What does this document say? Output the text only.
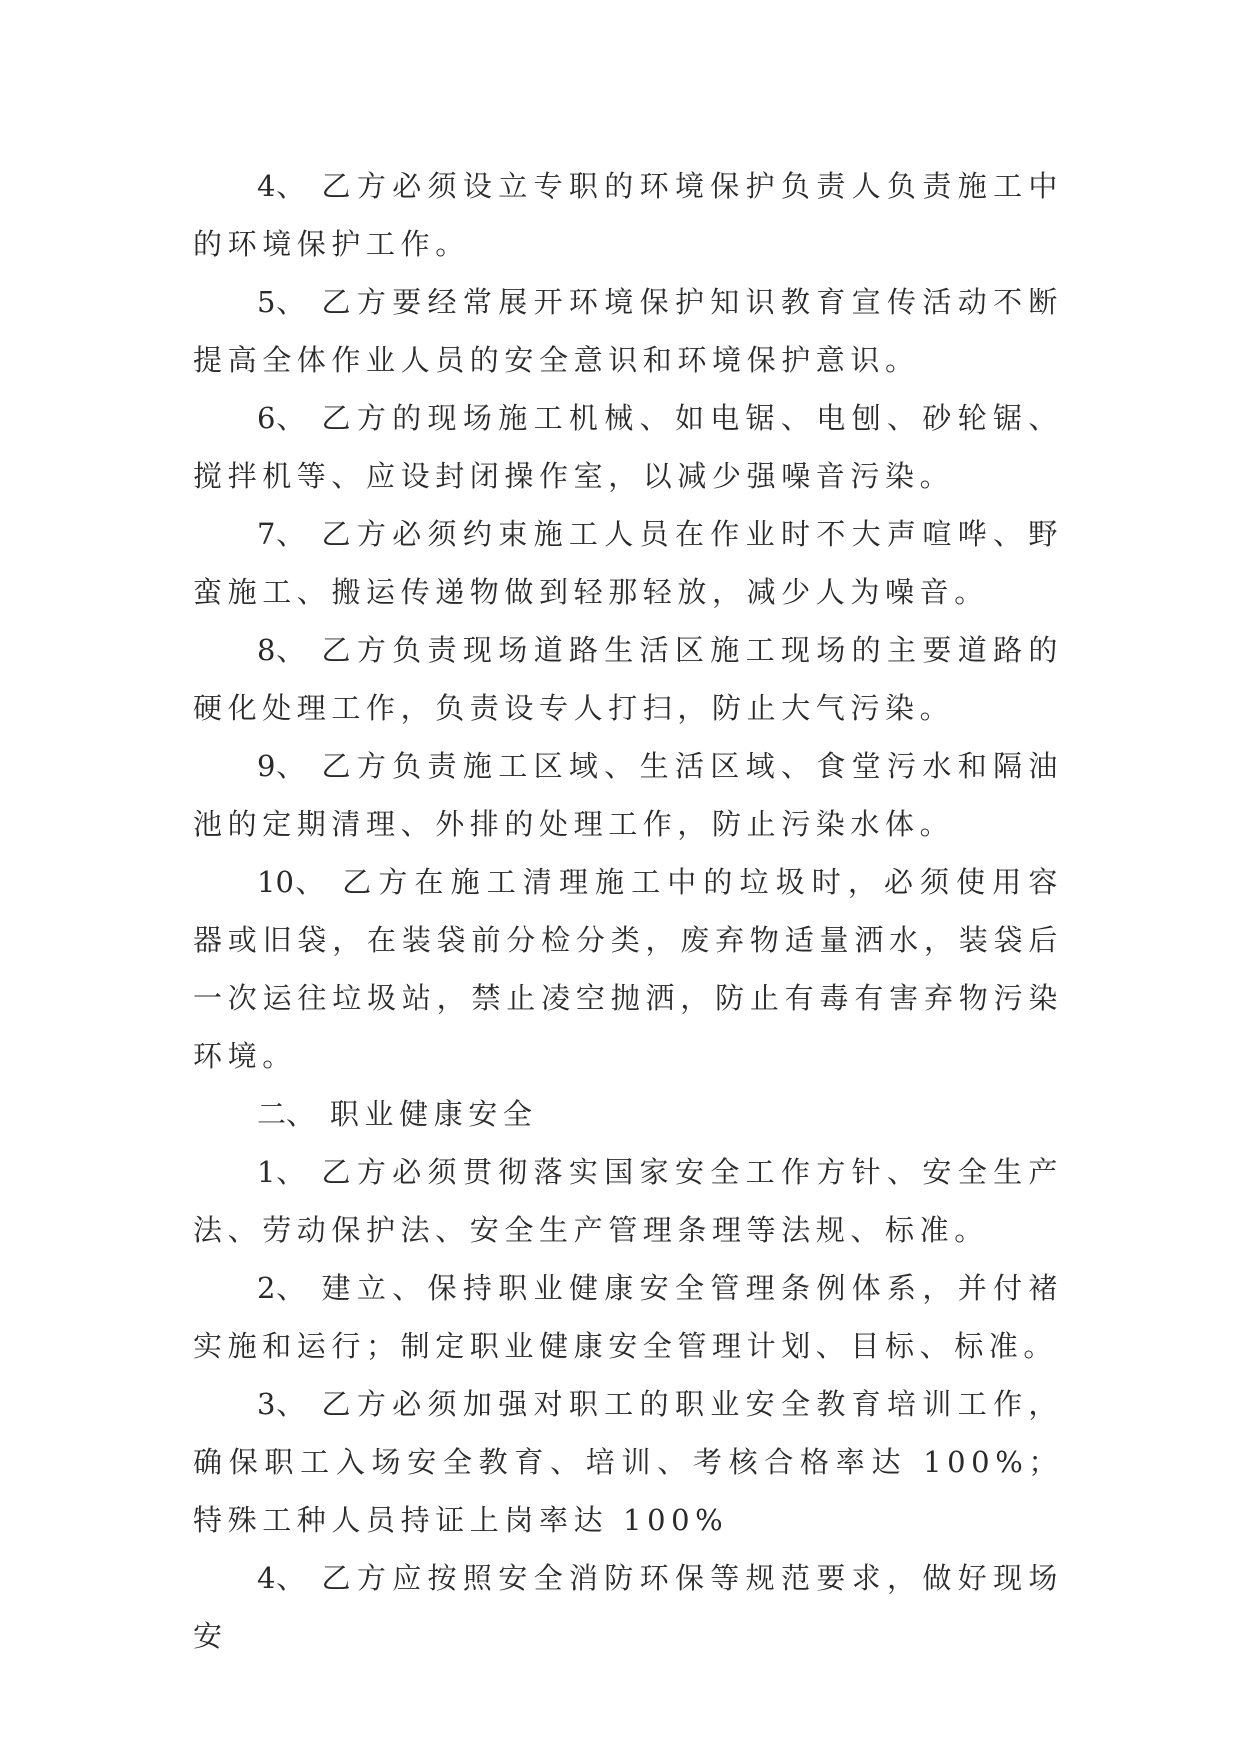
4、 乙方必须设立专职的环境保护负责人负责施工中的环境保护工作。

5、 乙方要经常展开环境保护知识教育宣传活动不断提高全体作业人员的安全意识和环境保护意识。

6、 乙方的现场施工机械、如电锯、电刨、砂轮锯、搅拌机等、应设封闭操作室，以减少强噪音污染。

7、 乙方必须约束施工人员在作业时不大声喧哗、野蛮施工、搬运传递物做到轻那轻放，减少人为噪音。

8、 乙方负责现场道路生活区施工现场的主要道路的硬化处理工作，负责设专人打扫，防止大气污染。

9、 乙方负责施工区域、生活区域、食堂污水和隔油池的定期清理、外排的处理工作，防止污染水体。

10、 乙方在施工清理施工中的垃圾时，必须使用容器或旧袋，在装袋前分检分类，废弃物适量洒水，装袋后一次运往垃圾站，禁止凌空抛洒，防止有毒有害弃物污染环境。

二、 职业健康安全

1、 乙方必须贯彻落实国家安全工作方针、安全生产法、劳动保护法、安全生产管理条理等法规、标准。

2、 建立、保持职业健康安全管理条例体系，并付褚实施和运行；制定职业健康安全管理计划、目标、标准。

3、 乙方必须加强对职工的职业安全教育培训工作，确保职工入场安全教育、培训、考核合格率达 100%；特殊工种人员持证上岗率达 100%

4、 乙方应按照安全消防环保等规范要求，做好现场安
